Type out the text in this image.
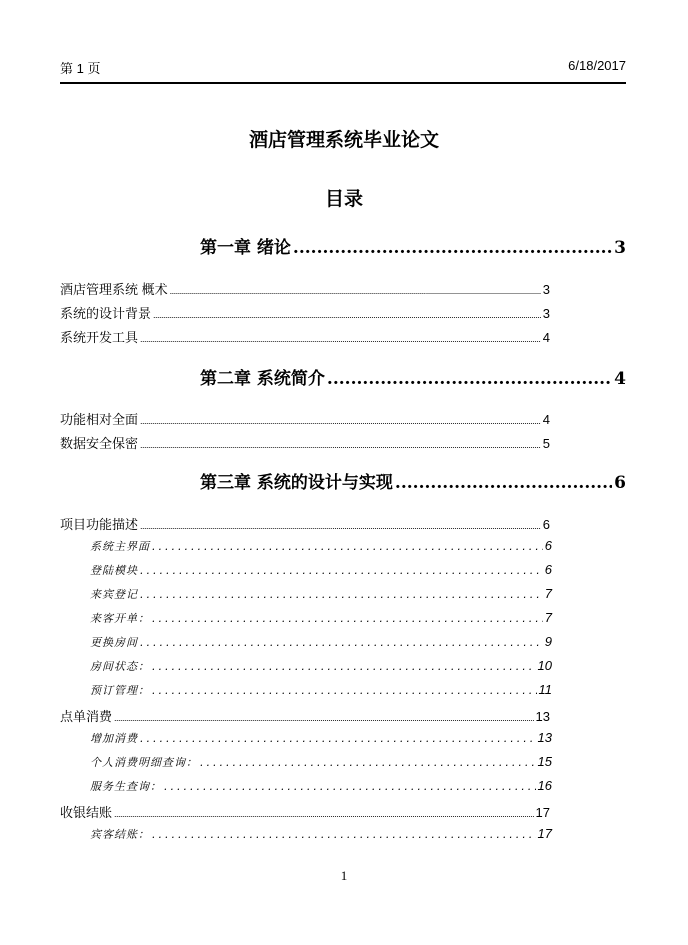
第 1 页	6/18/2017
酒店管理系统毕业论文
目录
第一章 绪论 .....	3
酒店管理系统 概术 .....	3
系统的设计背景 .....	3
系统开发工具 .....	4
第二章 系统简介 .....	4
功能相对全面 .....	4
数据安全保密 .....	5
第三章 系统的设计与实现 .....	6
项目功能描述 .....	6
系统主界面 .....	6
登陆模块 .....	6
来宾登记 .....	7
来客开单： .....	7
更换房间 .....	9
房间状态： .....	10
预订管理： .....	11
点单消费 .....	13
增加消费 .....	13
个人消费明细查询： .....	15
服务生查询： .....	16
收银结账 .....	17
宾客结账： .....	17
1
